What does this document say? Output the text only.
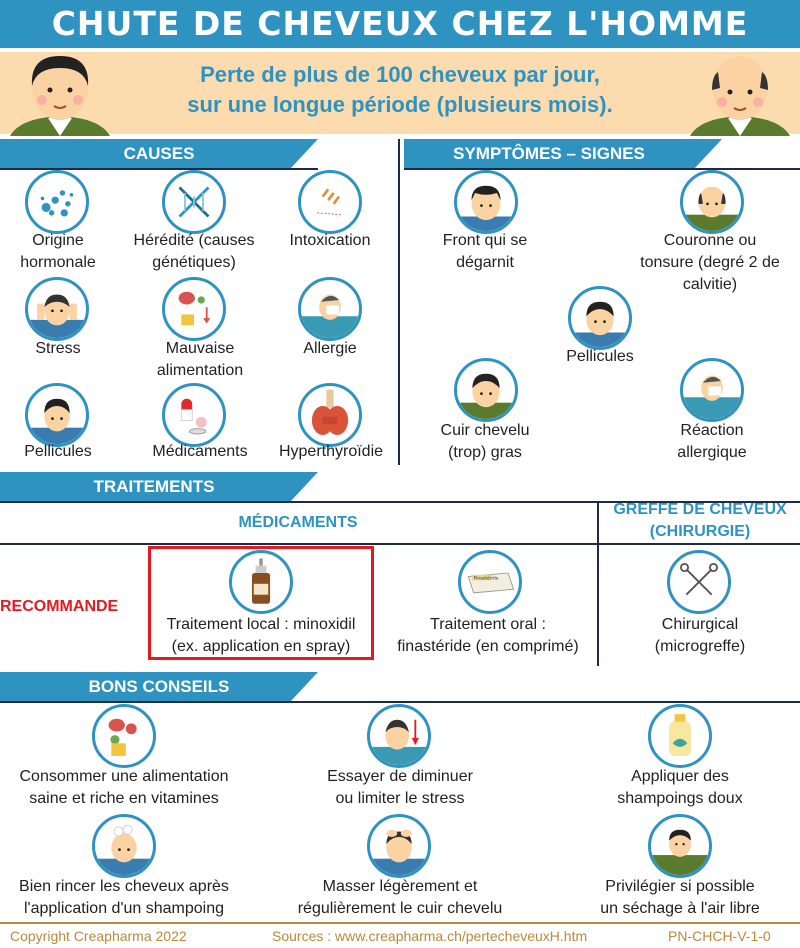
CHUTE DE CHEVEUX CHEZ L'HOMME
Perte de plus de 100 cheveux par jour,
sur une longue période (plusieurs mois).
CAUSES	SYMPTÔMES – SIGNES
Origine
hormonale
Hérédité (causes
génétiques)
Intoxication
Stress	Mauvaise
alimentation
Allergie
Pellicules	Médicaments	Hyperthyroïdie
Front qui se
dégarnit
Couronne ou
tonsure (degré 2 de
calvitie)
Pellicules
Cuir chevelu
(trop) gras
Réaction
allergique
TRAITEMENTS
MÉDICAMENTS
GREFFE DE CHEVEUX
(CHIRURGIE)
RECOMMANDE
Traitement local : minoxidil
(ex. application en spray)
Finastéride
Traitement oral :
finastéride (en comprimé)
Chirurgical
(microgreffe)
BONS CONSEILS
Consommer une alimentation
saine et riche en vitamines
Essayer de diminuer
ou limiter le stress
Appliquer des
shampoings doux
Bien rincer les cheveux après
l'application d'un shampoing
Masser légèrement et
régulièrement le cuir chevelu
Privilégier si possible
un séchage à l'air libre
Copyright Creapharma 2022	Sources : www.creapharma.ch/pertecheveuxH.htm	PN-CHCH-V-1-0
